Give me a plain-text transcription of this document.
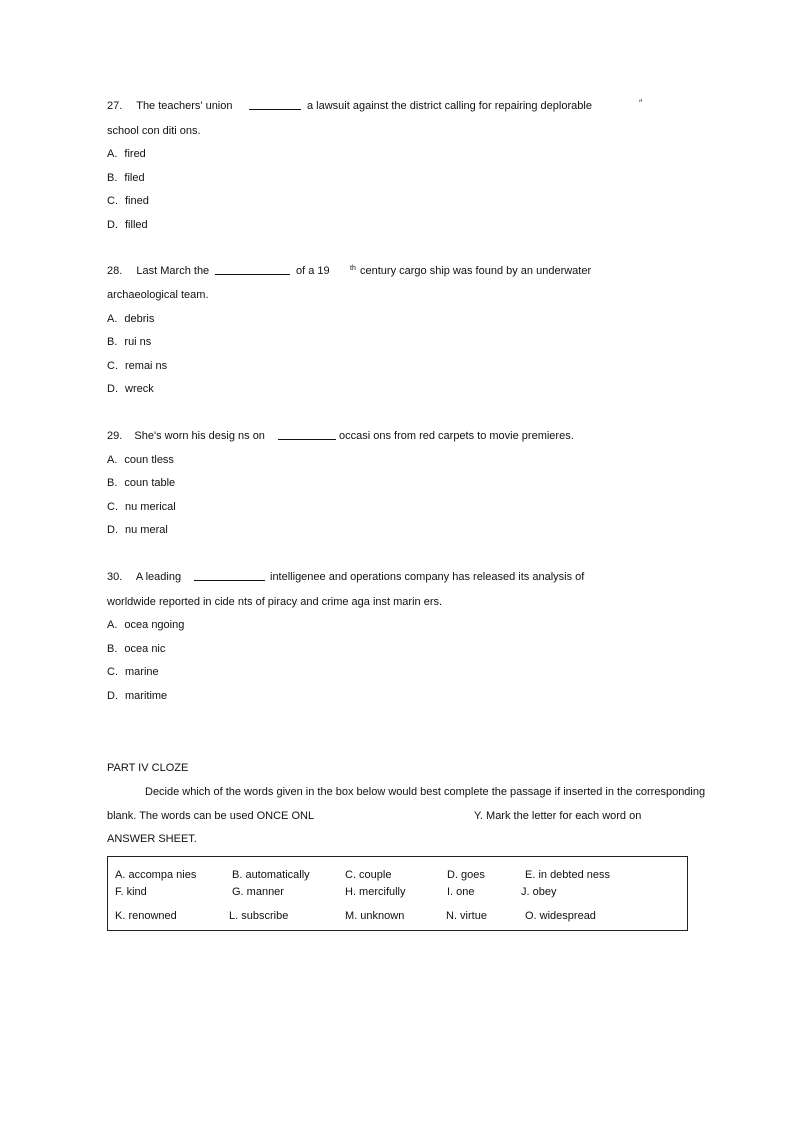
27. The teachers' union	a lawsuit against the district calling for repairing deplorable	″
school con diti ons.
A. fired
B. filed
C. fined
D. filled
28. Last March the	of a 19	th century cargo ship was found by an underwater
archaeological team.
A. debris
B. rui ns
C. remai ns
D. wreck
29. She's worn his desig ns on	occasi ons from red carpets to movie premieres.
A. coun tless
B. coun table
C. nu merical
D. nu meral
30. A leading	intelligenee and operations company has released its analysis of
worldwide reported in cide nts of piracy and crime aga inst marin ers.
A. ocea ngoing
B. ocea nic
C. marine
D. maritime
PART IV CLOZE
Decide which of the words given in the box below would best complete the passage if inserted in the corresponding
blank. The words can be used ONCE ONL	Y. Mark the letter for each word on
ANSWER SHEET.
A. accompa nies	B. automatically	C. couple	D. goes	E. in debted ness
F. kind	G. manner	H. mercifully	I. one	J. obey
K. renowned	L. subscribe	M. unknown	N. virtue	O. widespread
